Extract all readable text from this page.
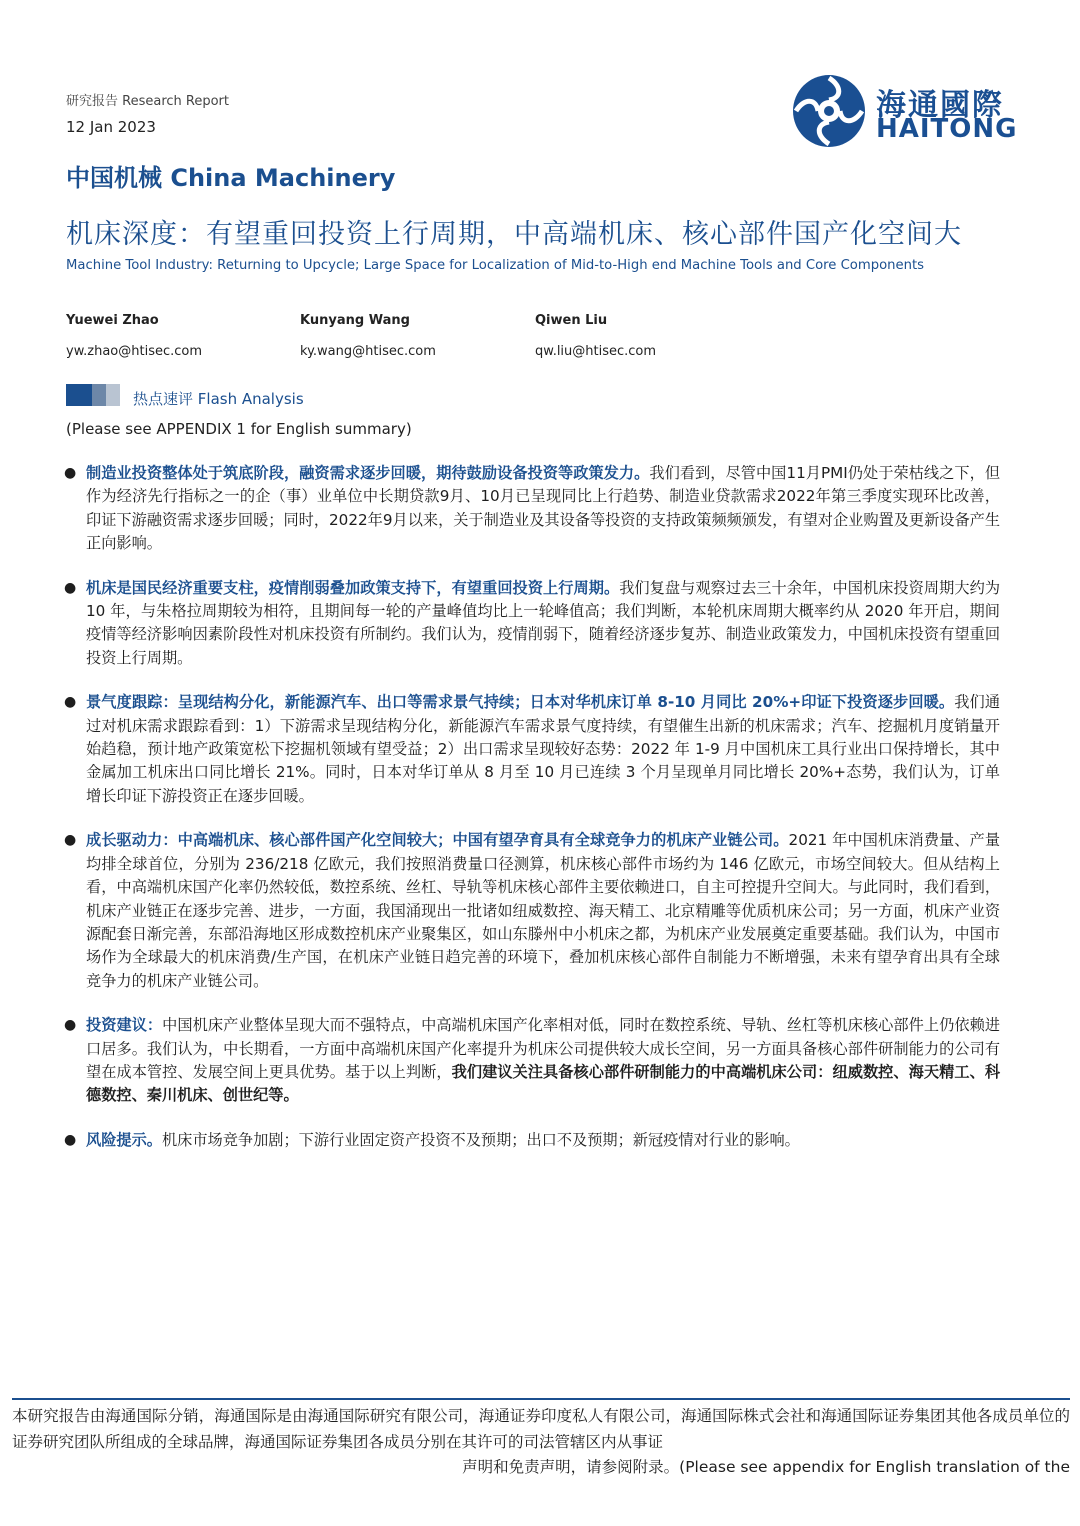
研究报告 Research Report
12 Jan 2023
中国机械 China Machinery
机床深度：有望重回投资上行周期，中高端机床、核心部件国产化空间大
Machine Tool Industry: Returning to Upcycle; Large Space for Localization of Mid-to-High end Machine Tools and Core Components
海通國際
HAITONG
Yuewei Zhao	Kunyang Wang	Qiwen Liu
yw.zhao@htisec.com	ky.wang@htisec.com	qw.liu@htisec.com
热点速评 Flash Analysis
(Please see APPENDIX 1 for English summary)
● 制造业投资整体处于筑底阶段，融资需求逐步回暖，期待鼓励设备投资等政策发力。我们看到，尽管中国11月PMI仍处于荣枯线之下，但作为经济先行指标之一的企（事）业单位中长期贷款9月、10月已呈现同比上行趋势、制造业贷款需求2022年第三季度实现环比改善，印证下游融资需求逐步回暖；同时，2022年9月以来，关于制造业及其设备等投资的支持政策频频颁发，有望对企业购置及更新设备产生正向影响。
● 机床是国民经济重要支柱，疫情削弱叠加政策支持下，有望重回投资上行周期。我们复盘与观察过去三十余年，中国机床投资周期大约为 10 年，与朱格拉周期较为相符，且期间每一轮的产量峰值均比上一轮峰值高；我们判断，本轮机床周期大概率约从 2020 年开启，期间疫情等经济影响因素阶段性对机床投资有所制约。我们认为，疫情削弱下，随着经济逐步复苏、制造业政策发力，中国机床投资有望重回投资上行周期。
● 景气度跟踪：呈现结构分化，新能源汽车、出口等需求景气持续；日本对华机床订单 8-10 月同比 20%+印证下投资逐步回暖。我们通过对机床需求跟踪看到：1）下游需求呈现结构分化，新能源汽车需求景气度持续，有望催生出新的机床需求；汽车、挖掘机月度销量开始趋稳，预计地产政策宽松下挖掘机领域有望受益；2）出口需求呈现较好态势：2022 年 1-9 月中国机床工具行业出口保持增长，其中金属加工机床出口同比增长 21%。同时，日本对华订单从 8 月至 10 月已连续 3 个月呈现单月同比增长 20%+态势，我们认为，订单增长印证下游投资正在逐步回暖。
● 成长驱动力：中高端机床、核心部件国产化空间较大；中国有望孕育具有全球竞争力的机床产业链公司。2021 年中国机床消费量、产量均排全球首位，分别为 236/218 亿欧元，我们按照消费量口径测算，机床核心部件市场约为 146 亿欧元，市场空间较大。但从结构上看，中高端机床国产化率仍然较低，数控系统、丝杠、导轨等机床核心部件主要依赖进口，自主可控提升空间大。与此同时，我们看到，机床产业链正在逐步完善、进步，一方面，我国涌现出一批诸如纽威数控、海天精工、北京精雕等优质机床公司；另一方面，机床产业资源配套日渐完善，东部沿海地区形成数控机床产业聚集区，如山东滕州中小机床之都，为机床产业发展奠定重要基础。我们认为，中国市场作为全球最大的机床消费/生产国，在机床产业链日趋完善的环境下，叠加机床核心部件自制能力不断增强，未来有望孕育出具有全球竞争力的机床产业链公司。
● 投资建议：中国机床产业整体呈现大而不强特点，中高端机床国产化率相对低，同时在数控系统、导轨、丝杠等机床核心部件上仍依赖进口居多。我们认为，中长期看，一方面中高端机床国产化率提升为机床公司提供较大成长空间，另一方面具备核心部件研制能力的公司有望在成本管控、发展空间上更具优势。基于以上判断，我们建议关注具备核心部件研制能力的中高端机床公司：纽威数控、海天精工、科德数控、秦川机床、创世纪等。
● 风险提示。机床市场竞争加剧；下游行业固定资产投资不及预期；出口不及预期；新冠疫情对行业的影响。
本研究报告由海通国际分销，海通国际是由海通国际研究有限公司，海通证券印度私人有限公司，海通国际株式会社和海通国际证券集团其他各成员单位的证券研究团队所组成的全球品牌，海通国际证券集团各成员分别在其许可的司法管辖区内从事证
声明和免责声明，请参阅附录。(Please see appendix for English translation of the
